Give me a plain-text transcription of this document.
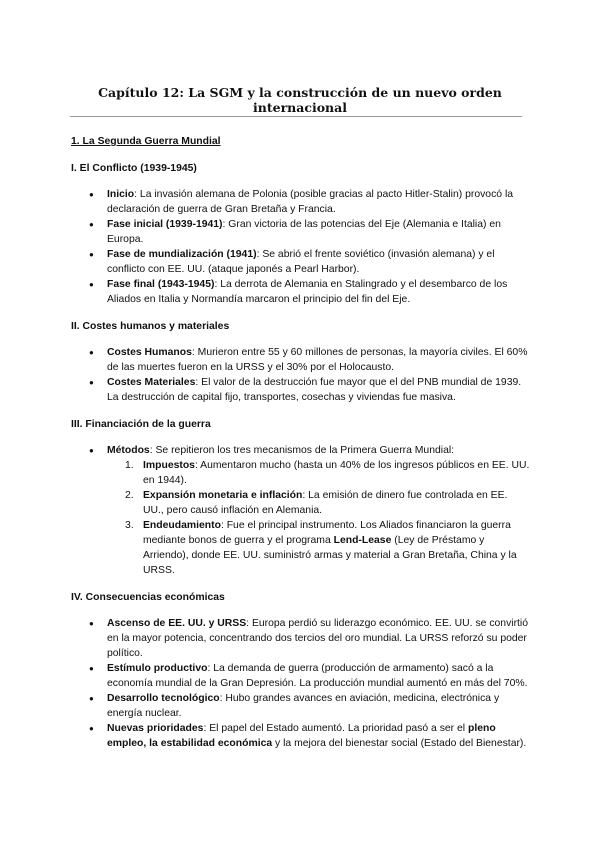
Capítulo 12: La SGM y la construcción de un nuevo orden internacional
1. La Segunda Guerra Mundial
I. El Conflicto (1939-1945)
● Inicio: La invasión alemana de Polonia (posible gracias al pacto Hitler-Stalin) provocó la declaración de guerra de Gran Bretaña y Francia.
● Fase inicial (1939-1941): Gran victoria de las potencias del Eje (Alemania e Italia) en Europa.
● Fase de mundialización (1941): Se abrió el frente soviético (invasión alemana) y el conflicto con EE. UU. (ataque japonés a Pearl Harbor).
● Fase final (1943-1945): La derrota de Alemania en Stalingrado y el desembarco de los Aliados en Italia y Normandía marcaron el principio del fin del Eje.
II. Costes humanos y materiales
● Costes Humanos: Murieron entre 55 y 60 millones de personas, la mayoría civiles. El 60% de las muertes fueron en la URSS y el 30% por el Holocausto.
● Costes Materiales: El valor de la destrucción fue mayor que el del PNB mundial de 1939. La destrucción de capital fijo, transportes, cosechas y viviendas fue masiva.
III. Financiación de la guerra
● Métodos: Se repitieron los tres mecanismos de la Primera Guerra Mundial:
1. Impuestos: Aumentaron mucho (hasta un 40% de los ingresos públicos en EE. UU. en 1944).
2. Expansión monetaria e inflación: La emisión de dinero fue controlada en EE. UU., pero causó inflación en Alemania.
3. Endeudamiento: Fue el principal instrumento. Los Aliados financiaron la guerra mediante bonos de guerra y el programa Lend-Lease (Ley de Préstamo y Arriendo), donde EE. UU. suministró armas y material a Gran Bretaña, China y la URSS.
IV. Consecuencias económicas
● Ascenso de EE. UU. y URSS: Europa perdió su liderazgo económico. EE. UU. se convirtió en la mayor potencia, concentrando dos tercios del oro mundial. La URSS reforzó su poder político.
● Estímulo productivo: La demanda de guerra (producción de armamento) sacó a la economía mundial de la Gran Depresión. La producción mundial aumentó en más del 70%.
● Desarrollo tecnológico: Hubo grandes avances en aviación, medicina, electrónica y energía nuclear.
● Nuevas prioridades: El papel del Estado aumentó. La prioridad pasó a ser el pleno empleo, la estabilidad económica y la mejora del bienestar social (Estado del Bienestar).
